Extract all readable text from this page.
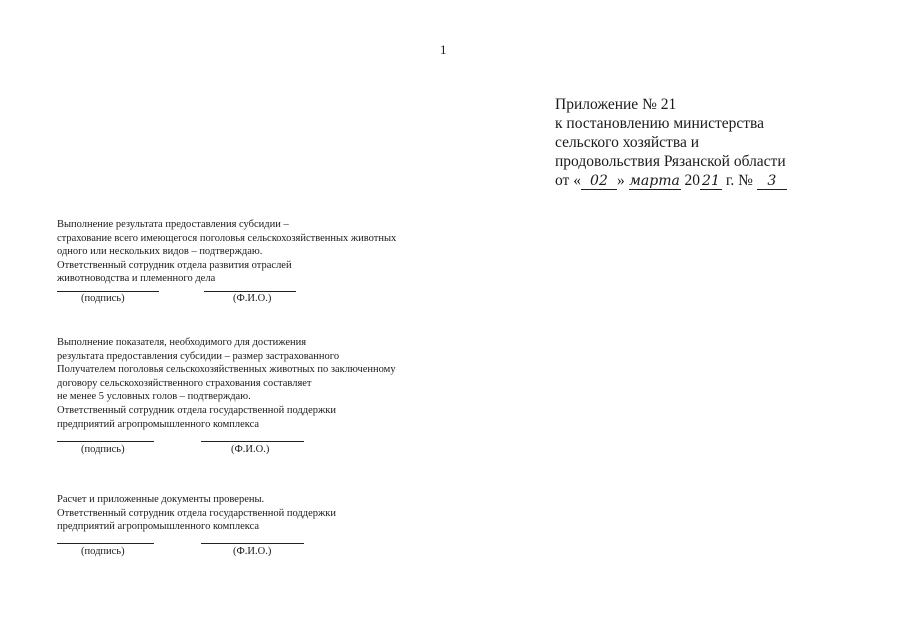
1
Приложение № 21
к постановлению министерства
сельского хозяйства и
продовольствия Рязанской области
от « 02 » марта 20 21 г. № 3
Выполнение результата предоставления субсидии –
страхование всего имеющегося поголовья сельскохозяйственных животных
одного или нескольких видов – подтверждаю.
Ответственный сотрудник отдела развития отраслей
животноводства и племенного дела
(подпись)	(Ф.И.О.)
Выполнение показателя, необходимого для достижения
результата предоставления субсидии – размер застрахованного
Получателем поголовья сельскохозяйственных животных по заключенному
договору сельскохозяйственного страхования составляет
не менее 5 условных голов – подтверждаю.
Ответственный сотрудник отдела государственной поддержки
предприятий агропромышленного комплекса
(подпись)	(Ф.И.О.)
Расчет и приложенные документы проверены.
Ответственный сотрудник отдела государственной поддержки
предприятий агропромышленного комплекса
(подпись)	(Ф.И.О.)
